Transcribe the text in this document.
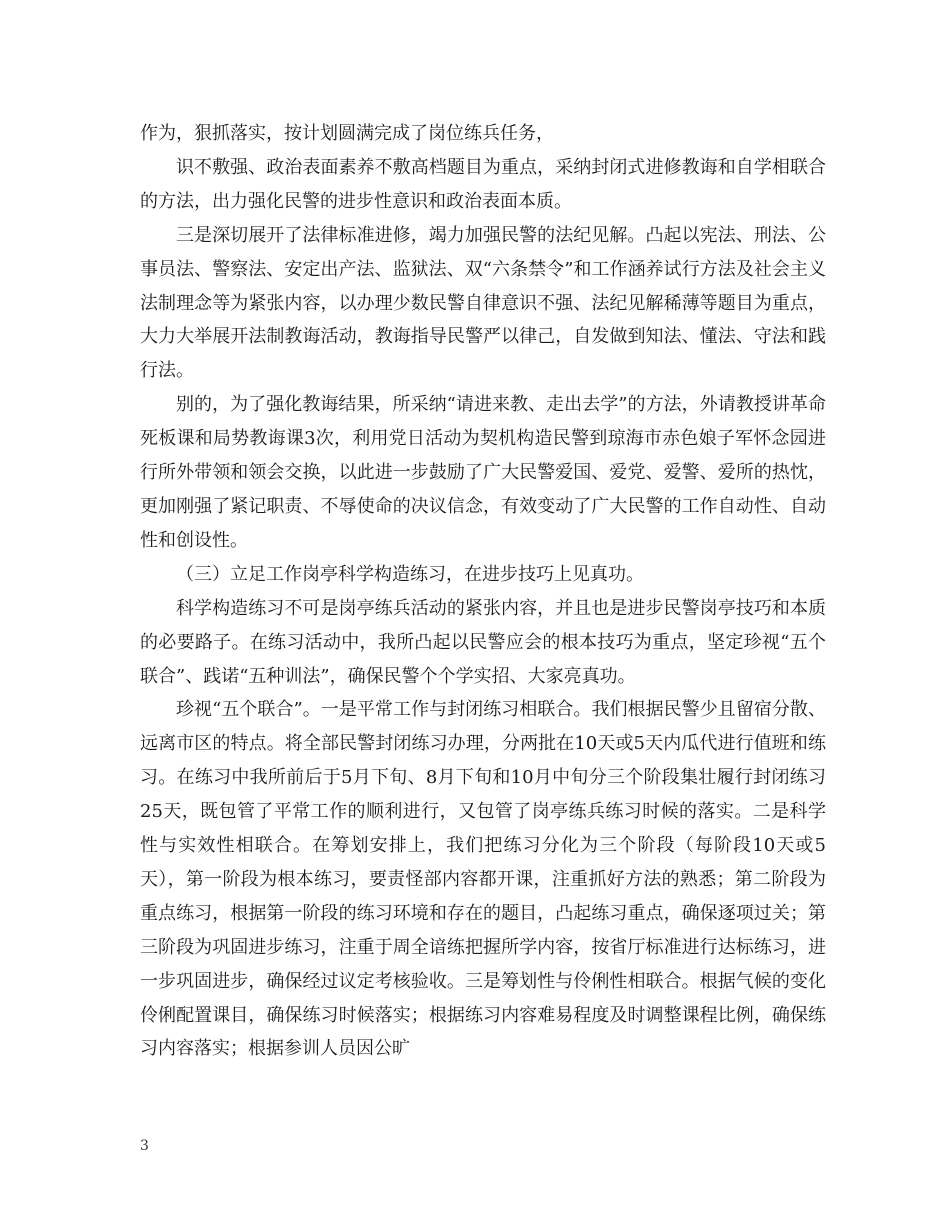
作为，狠抓落实，按计划圆满完成了岗位练兵任务，

识不敷强、政治表面素养不敷高档题目为重点，采纳封闭式进修教诲和自学相联合的方法，出力强化民警的进步性意识和政治表面本质。

三是深切展开了法律标准进修，竭力加强民警的法纪见解。凸起以宪法、刑法、公事员法、警察法、安定出产法、监狱法、双“六条禁令”和工作涵养试行方法及社会主义法制理念等为紧张内容，以办理少数民警自律意识不强、法纪见解稀薄等题目为重点，大力大举展开法制教诲活动，教诲指导民警严以律己，自发做到知法、懂法、守法和践行法。

别的，为了强化教诲结果，所采纳“请进来教、走出去学”的方法，外请教授讲革命死板课和局势教诲课3次，利用党日活动为契机构造民警到琼海市赤色娘子军怀念园进行所外带领和领会交换，以此进一步鼓励了广大民警爱国、爱党、爱警、爱所的热忱，更加刚强了紧记职责、不辱使命的决议信念，有效变动了广大民警的工作自动性、自动性和创设性。

（三）立足工作岗亭科学构造练习，在进步技巧上见真功。

科学构造练习不可是岗亭练兵活动的紧张内容，并且也是进步民警岗亭技巧和本质的必要路子。在练习活动中，我所凸起以民警应会的根本技巧为重点，坚定珍视“五个联合”、践诺“五种训法”，确保民警个个学实招、大家亮真功。

珍视“五个联合”。一是平常工作与封闭练习相联合。我们根据民警少且留宿分散、远离市区的特点。将全部民警封闭练习办理，分两批在10天或5天内瓜代进行值班和练习。在练习中我所前后于5月下旬、8月下旬和10月中旬分三个阶段集壮履行封闭练习25天，既包管了平常工作的顺利进行，又包管了岗亭练兵练习时候的落实。二是科学性与实效性相联合。在筹划安排上，我们把练习分化为三个阶段（每阶段10天或5天），第一阶段为根本练习，要责怪部内容都开课，注重抓好方法的熟悉；第二阶段为重点练习，根据第一阶段的练习环境和存在的题目，凸起练习重点，确保逐项过关；第三阶段为巩固进步练习，注重于周全谙练把握所学内容，按省厅标准进行达标练习，进一步巩固进步，确保经过议定考核验收。三是筹划性与伶俐性相联合。根据气候的变化伶俐配置课目，确保练习时候落实；根据练习内容难易程度及时调整课程比例，确保练习内容落实；根据参训人员因公旷

3
